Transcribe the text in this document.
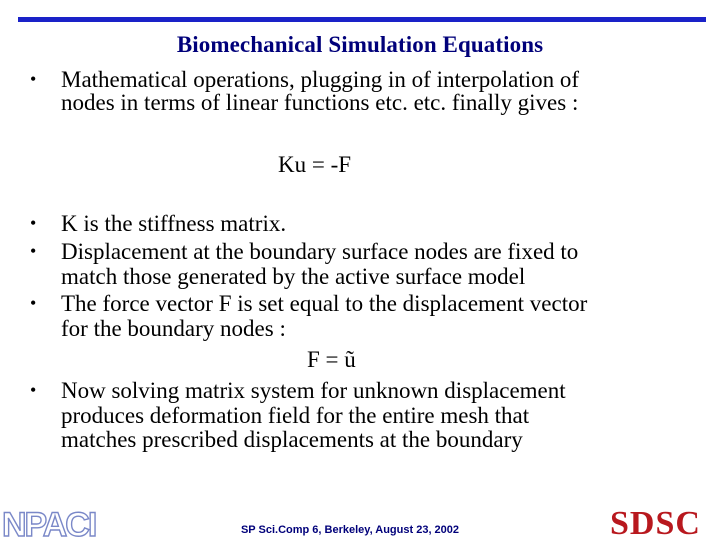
Biomechanical Simulation Equations
• Mathematical operations, plugging in of interpolation of
nodes in terms of linear functions etc. etc. finally gives :
Ku = -F
• K is the stiffness matrix.
• Displacement at the boundary surface nodes are fixed to
match those generated by the active surface model
• The force vector F is set equal to the displacement vector
for the boundary nodes :
F = ũ
• Now solving matrix system for unknown displacement
produces deformation field for the entire mesh that
matches prescribed displacements at the boundary
NPACI	SP Sci.Comp 6, Berkeley, August 23, 2002	SDSC
